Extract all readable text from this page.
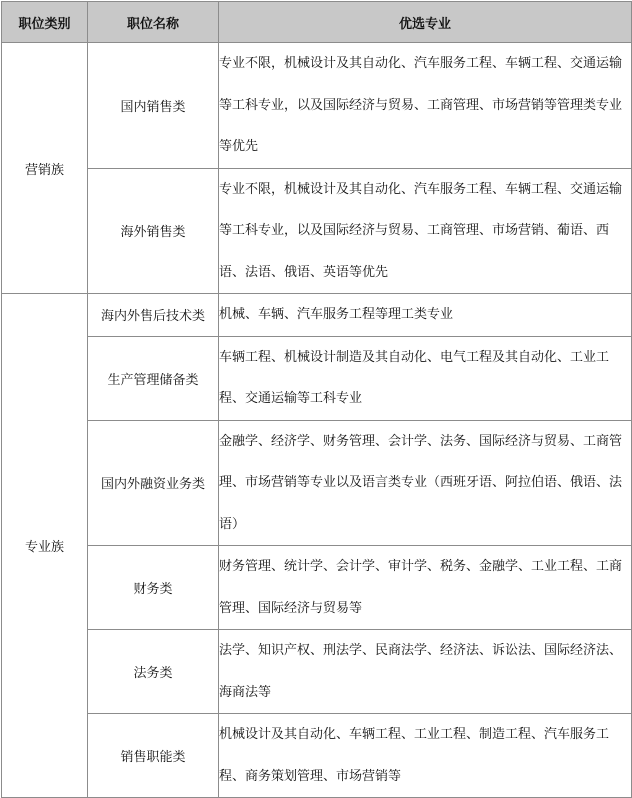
职位类别	职位名称	优选专业
营销族	国内销售类	专业不限，机械设计及其自动化、汽车服务工程、车辆工程、交通运输等工科专业，以及国际经济与贸易、工商管理、市场营销等管理类专业等优先
	海外销售类	专业不限，机械设计及其自动化、汽车服务工程、车辆工程、交通运输等工科专业，以及国际经济与贸易、工商管理、市场营销、葡语、西语、法语、俄语、英语等优先
专业族	海内外售后技术类	机械、车辆、汽车服务工程等理工类专业
	生产管理储备类	车辆工程、机械设计制造及其自动化、电气工程及其自动化、工业工程、交通运输等工科专业
	国内外融资业务类	金融学、经济学、财务管理、会计学、法务、国际经济与贸易、工商管理、市场营销等专业以及语言类专业（西班牙语、阿拉伯语、俄语、法语）
	财务类	财务管理、统计学、会计学、审计学、税务、金融学、工业工程、工商管理、国际经济与贸易等
	法务类	法学、知识产权、刑法学、民商法学、经济法、诉讼法、国际经济法、海商法等
	销售职能类	机械设计及其自动化、车辆工程、工业工程、制造工程、汽车服务工程、商务策划管理、市场营销等
